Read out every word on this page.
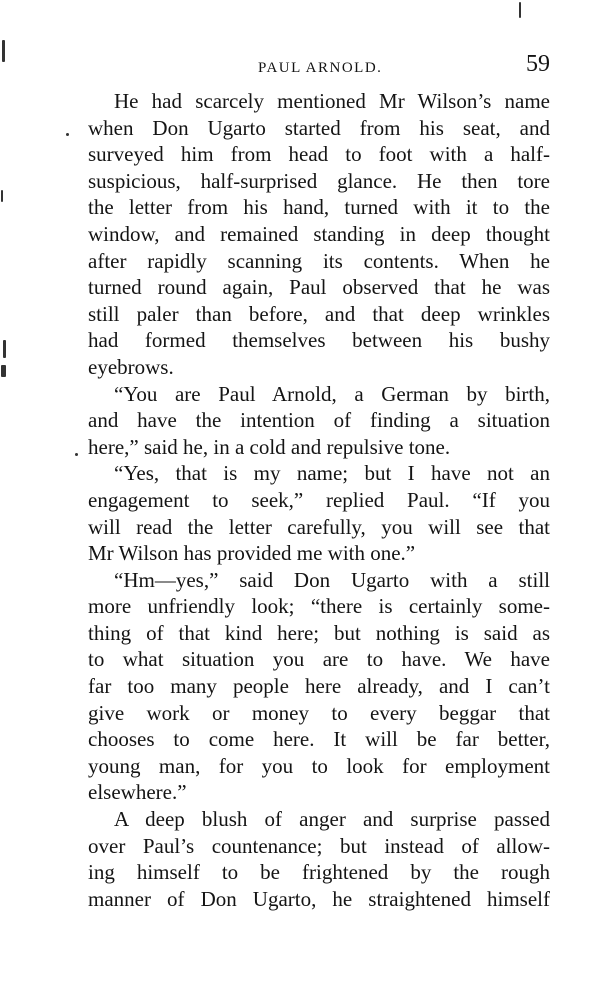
PAUL ARNOLD.	59
He had scarcely mentioned Mr Wilson’s name
when Don Ugarto started from his seat, and
surveyed him from head to foot with a half-
suspicious, half-surprised glance. He then tore
the letter from his hand, turned with it to the
window, and remained standing in deep thought
after rapidly scanning its contents. When he
turned round again, Paul observed that he was
still paler than before, and that deep wrinkles
had formed themselves between his bushy
eyebrows.
“You are Paul Arnold, a German by birth,
and have the intention of finding a situation
here,” said he, in a cold and repulsive tone.
“Yes, that is my name; but I have not an
engagement to seek,” replied Paul. “If you
will read the letter carefully, you will see that
Mr Wilson has provided me with one.”
“Hm—yes,” said Don Ugarto with a still
more unfriendly look; “there is certainly some-
thing of that kind here; but nothing is said as
to what situation you are to have. We have
far too many people here already, and I can’t
give work or money to every beggar that
chooses to come here. It will be far better,
young man, for you to look for employment
elsewhere.”
A deep blush of anger and surprise passed
over Paul’s countenance; but instead of allow-
ing himself to be frightened by the rough
manner of Don Ugarto, he straightened himself
